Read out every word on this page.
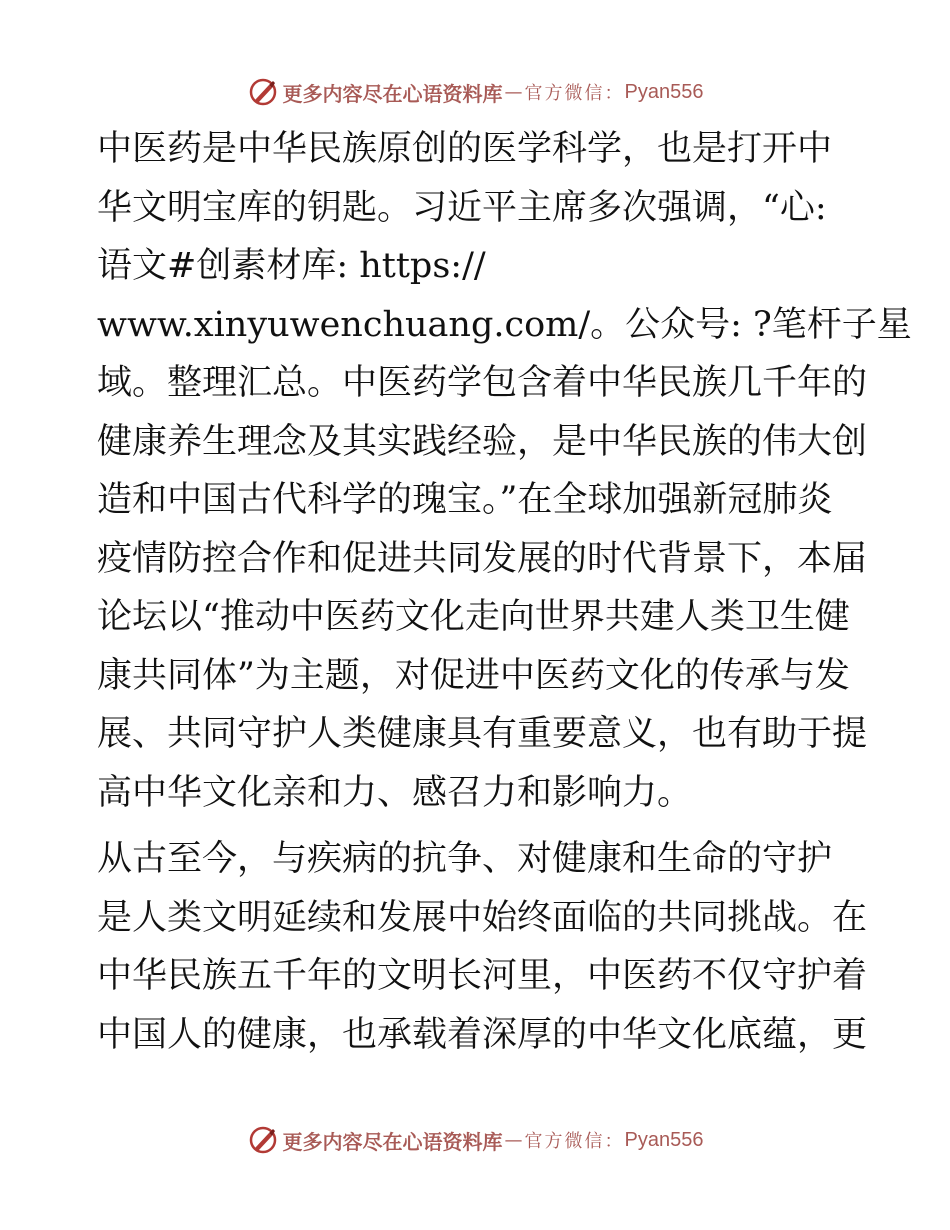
更多内容尽在心语资料库 — 官方微信： Pyan556

中医药是中华民族原创的医学科学，也是打开中
华文明宝库的钥匙。习近平主席多次强调，“心:
语文#创素材库: https://
www.xinyuwenchuang.com/。公众号: ?笔杆子星
域。整理汇总。中医药学包含着中华民族几千年的
健康养生理念及其实践经验，是中华民族的伟大创
造和中国古代科学的瑰宝。”在全球加强新冠肺炎
疫情防控合作和促进共同发展的时代背景下，本届
论坛以“推动中医药文化走向世界共建人类卫生健
康共同体”为主题，对促进中医药文化的传承与发
展、共同守护人类健康具有重要意义，也有助于提
高中华文化亲和力、感召力和影响力。

从古至今，与疾病的抗争、对健康和生命的守护
是人类文明延续和发展中始终面临的共同挑战。在
中华民族五千年的文明长河里，中医药不仅守护着
中国人的健康，也承载着深厚的中华文化底蕴，更

更多内容尽在心语资料库 — 官方微信： Pyan556
